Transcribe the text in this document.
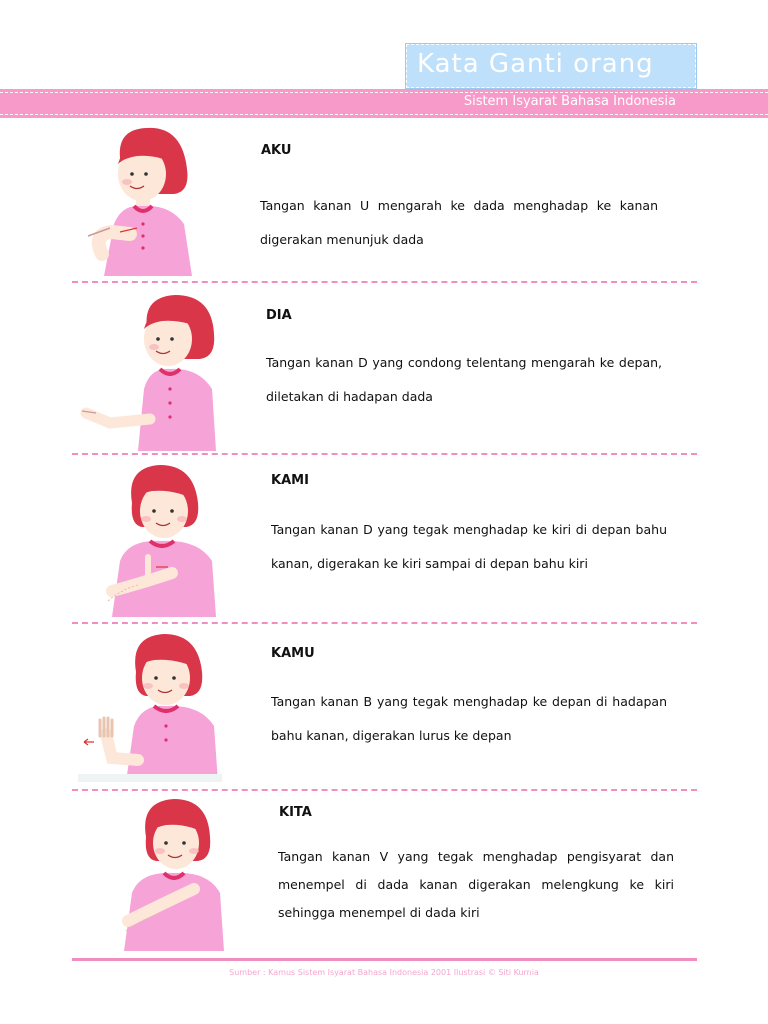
Kata Ganti orang
Sistem Isyarat Bahasa Indonesia
AKU

Tangan kanan U mengarah ke dada menghadap ke kanan digerakan menunjuk dada

DIA

Tangan kanan D yang condong telentang mengarah ke depan, diletakan di hadapan dada

KAMI

Tangan kanan D yang tegak menghadap ke kiri di depan bahu kanan, digerakan ke kiri sampai di depan bahu kiri

KAMU

Tangan kanan B yang tegak menghadap ke depan di hadapan bahu kanan, digerakan lurus ke depan

KITA

Tangan kanan V yang tegak menghadap pengisyarat dan menempel di dada kanan digerakan melengkung ke kiri sehingga menempel di dada kiri

Sumber : Kamus Sistem Isyarat Bahasa Indonesia 2001 Ilustrasi © Siti Kurnia
